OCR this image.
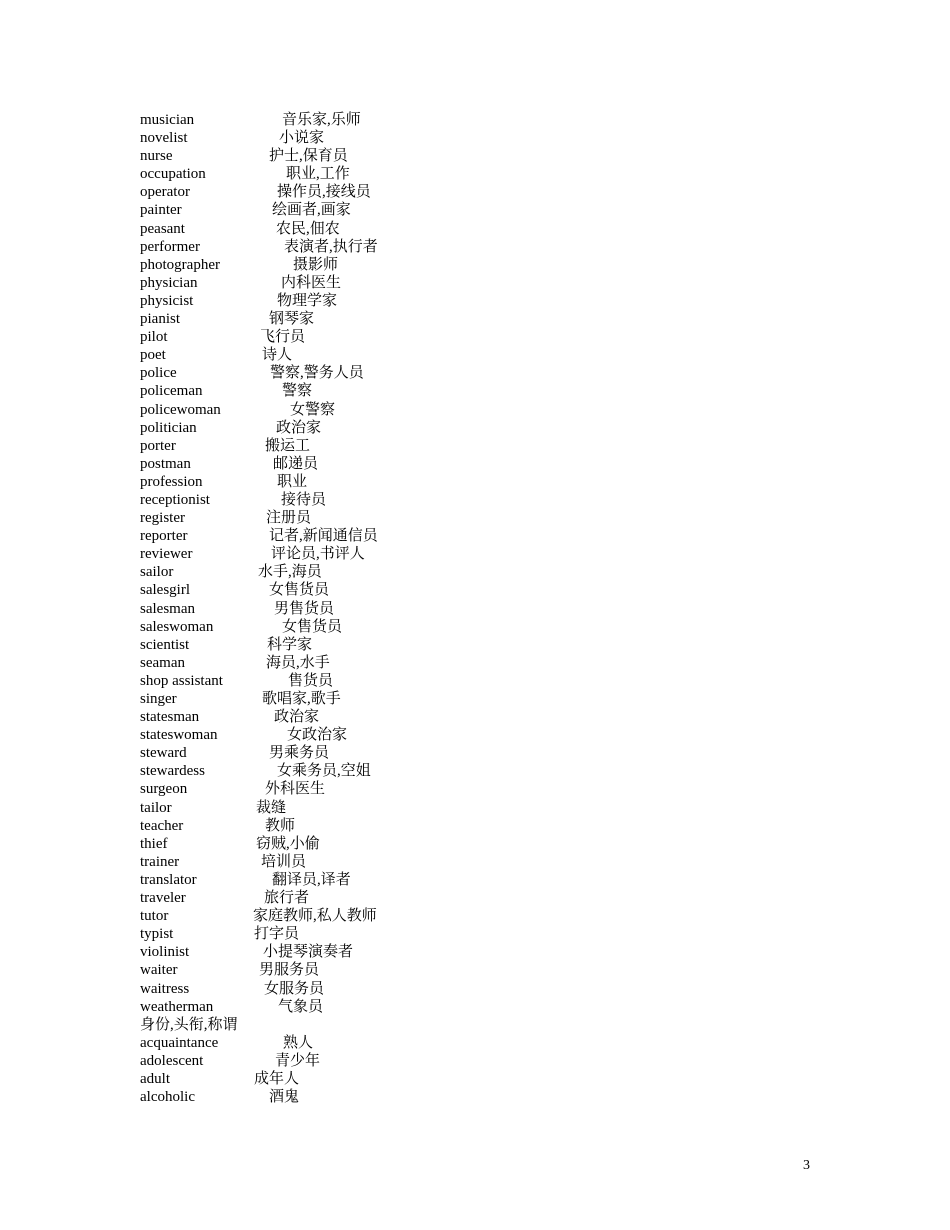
musician	音乐家,乐师
novelist	小说家
nurse	护士,保育员
occupation	职业,工作
operator	操作员,接线员
painter	绘画者,画家
peasant	农民,佃农
performer	表演者,执行者
photographer	摄影师
physician	内科医生
physicist	物理学家
pianist	钢琴家
pilot	飞行员
poet	诗人
police	警察,警务人员
policeman	警察
policewoman	女警察
politician	政治家
porter	搬运工
postman	邮递员
profession	职业
receptionist	接待员
register	注册员
reporter	记者,新闻通信员
reviewer	评论员,书评人
sailor	水手,海员
salesgirl	女售货员
salesman	男售货员
saleswoman	女售货员
scientist	科学家
seaman	海员,水手
shop assistant	售货员
singer	歌唱家,歌手
statesman	政治家
stateswoman	女政治家
steward	男乘务员
stewardess	女乘务员,空姐
surgeon	外科医生
tailor	裁缝
teacher	教师
thief	窃贼,小偷
trainer	培训员
translator	翻译员,译者
traveler	旅行者
tutor	家庭教师,私人教师
typist	打字员
violinist	小提琴演奏者
waiter	男服务员
waitress	女服务员
weatherman	气象员
身份,头衔,称谓
acquaintance	熟人
adolescent	青少年
adult	成年人
alcoholic	酒鬼
3
